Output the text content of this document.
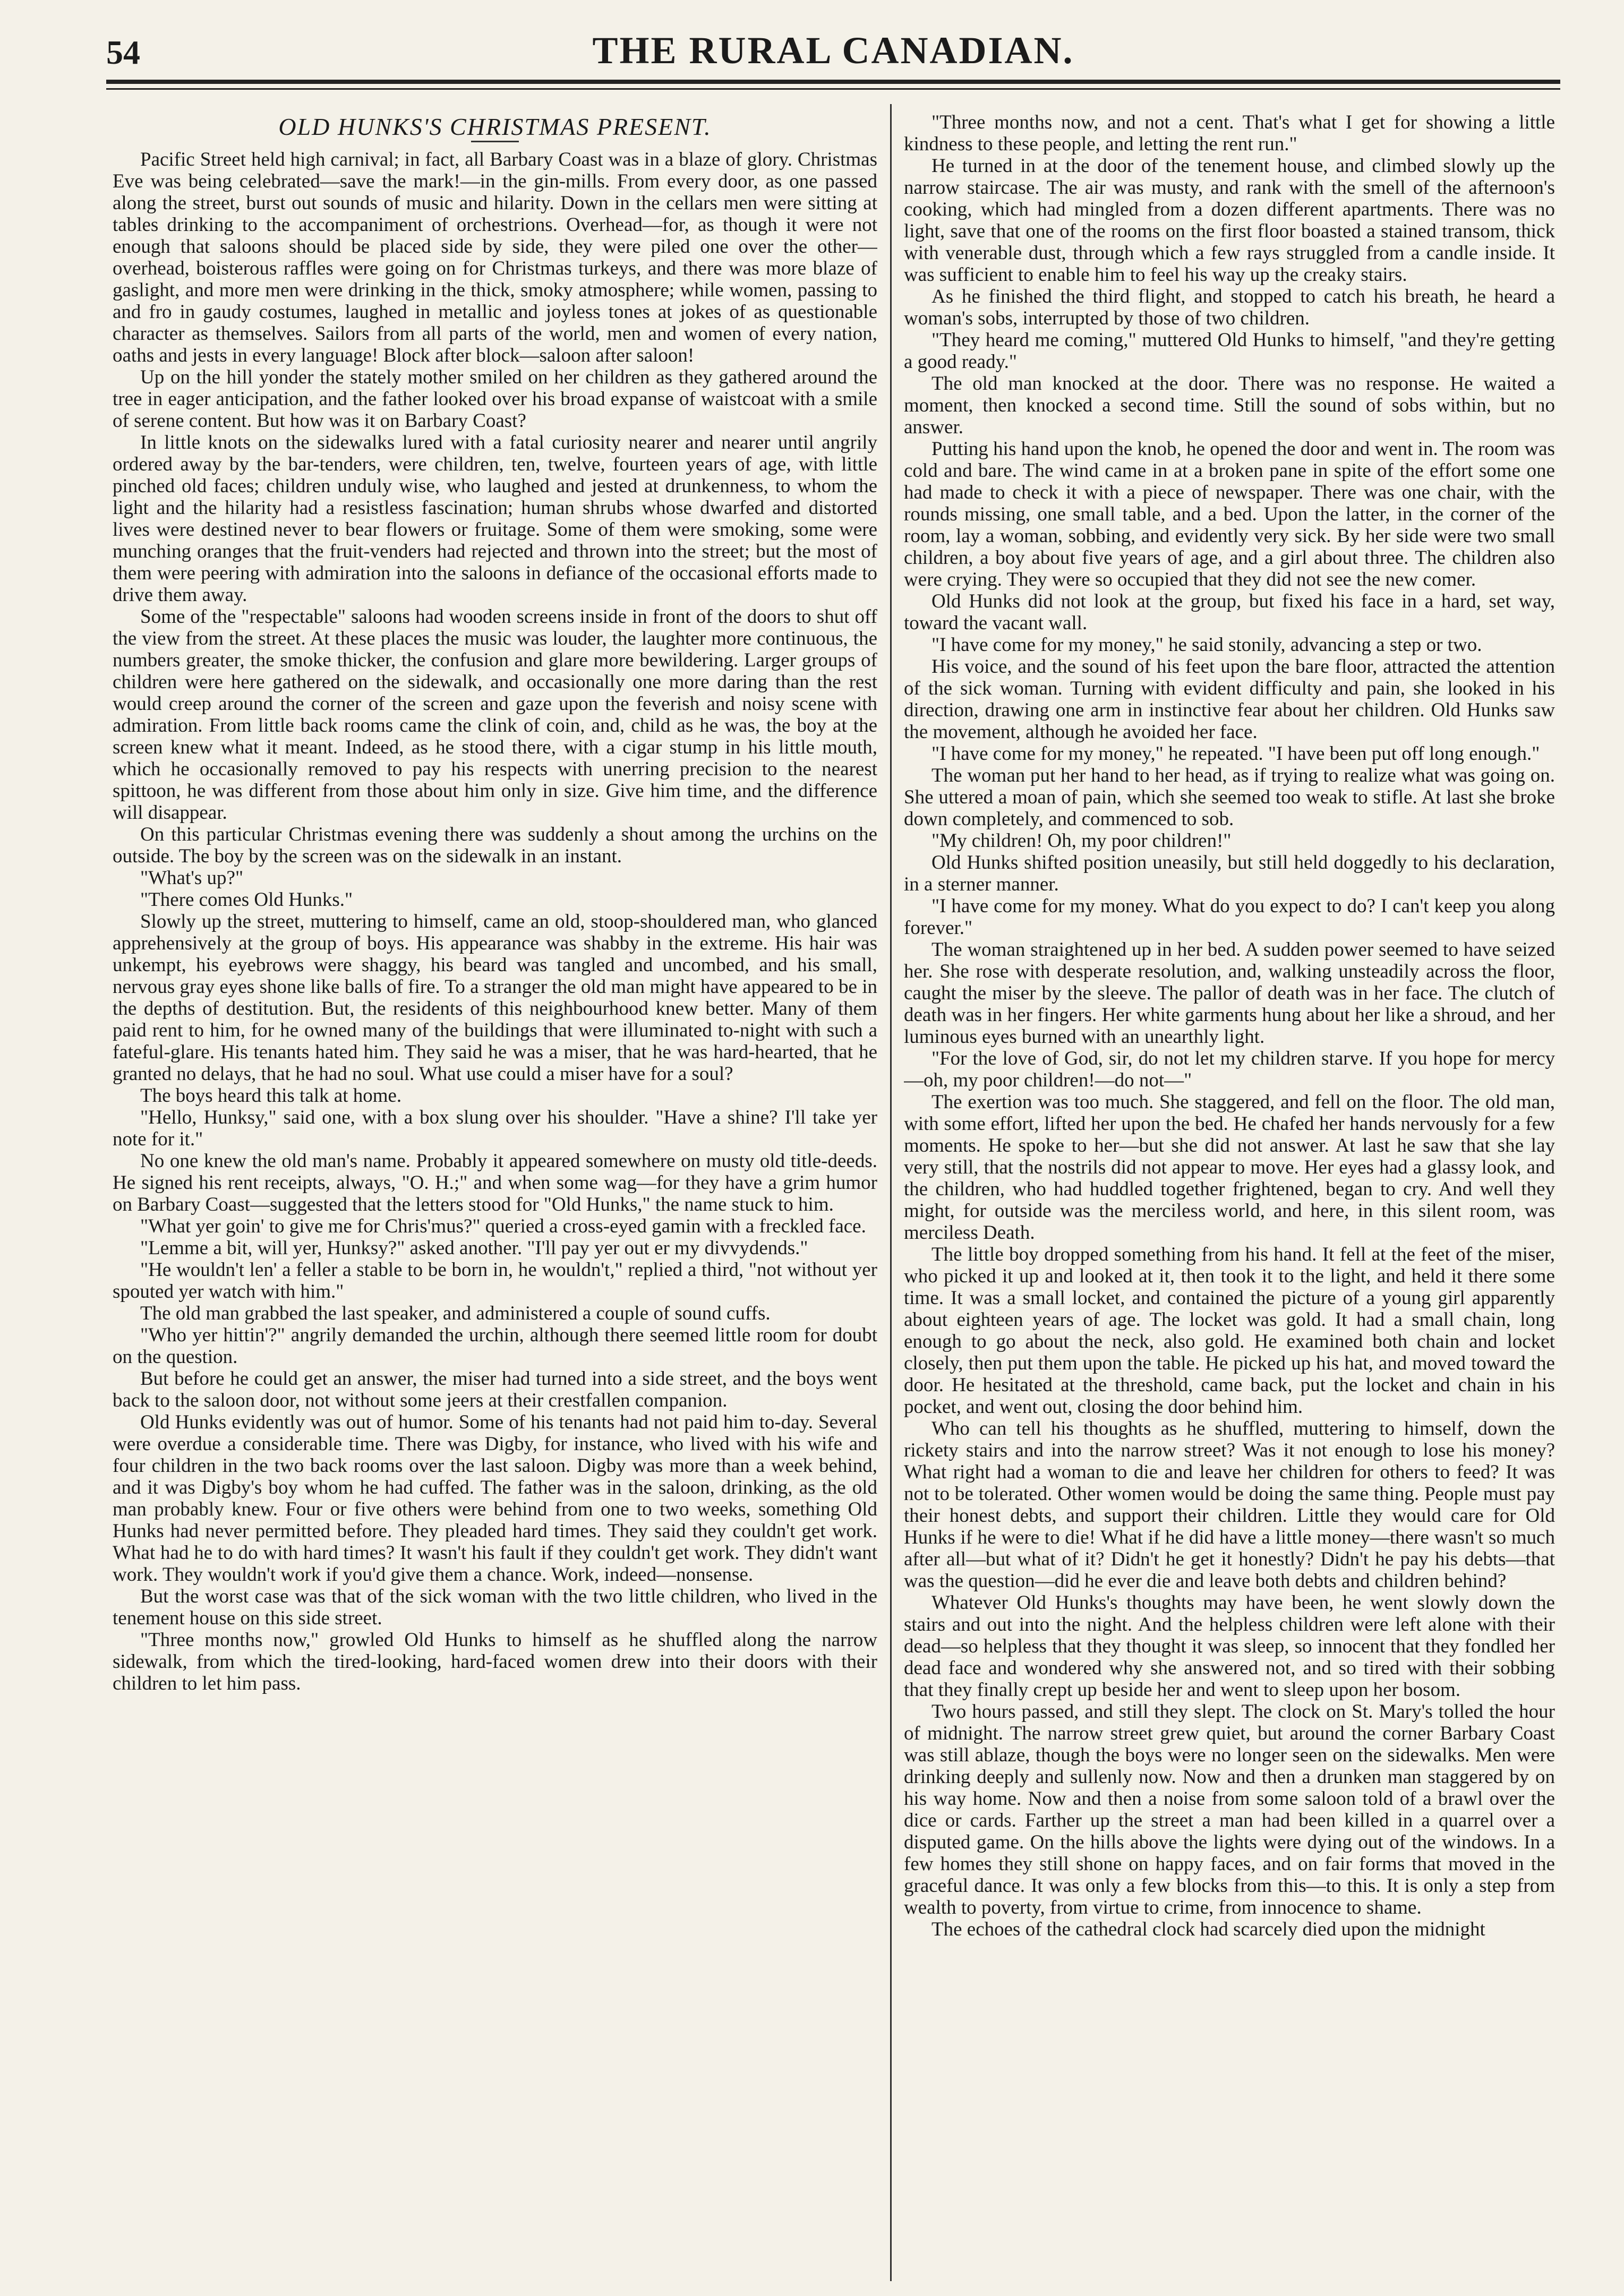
54	THE RURAL CANADIAN.
OLD HUNKS'S CHRISTMAS PRESENT.

Pacific Street held high carnival; in fact, all Barbary Coast was in a blaze of glory. Christmas Eve was being celebrated—save the mark!—in the gin-mills. From every door, as one passed along the street, burst out sounds of music and hilarity. Down in the cellars men were sitting at tables drinking to the accompaniment of orchestrions. Overhead—for, as though it were not enough that saloons should be placed side by side, they were piled one over the other—overhead, boisterous raffles were going on for Christmas turkeys, and there was more blaze of gaslight, and more men were drinking in the thick, smoky atmosphere; while women, passing to and fro in gaudy costumes, laughed in metallic and joyless tones at jokes of as questionable character as themselves. Sailors from all parts of the world, men and women of every nation, oaths and jests in every language! Block after block—saloon after saloon!

Up on the hill yonder the stately mother smiled on her children as they gathered around the tree in eager anticipation, and the father looked over his broad expanse of waistcoat with a smile of serene content. But how was it on Barbary Coast?

In little knots on the sidewalks lured with a fatal curiosity nearer and nearer until angrily ordered away by the bar-tenders, were children, ten, twelve, fourteen years of age, with little pinched old faces; children unduly wise, who laughed and jested at drunkenness, to whom the light and the hilarity had a resistless fascination; human shrubs whose dwarfed and distorted lives were destined never to bear flowers or fruitage. Some of them were smoking, some were munching oranges that the fruit-venders had rejected and thrown into the street; but the most of them were peering with admiration into the saloons in defiance of the occasional efforts made to drive them away.

Some of the "respectable" saloons had wooden screens inside in front of the doors to shut off the view from the street. At these places the music was louder, the laughter more continuous, the numbers greater, the smoke thicker, the confusion and glare more bewildering. Larger groups of children were here gathered on the sidewalk, and occasionally one more daring than the rest would creep around the corner of the screen and gaze upon the feverish and noisy scene with admiration. From little back rooms came the clink of coin, and, child as he was, the boy at the screen knew what it meant. Indeed, as he stood there, with a cigar stump in his little mouth, which he occasionally removed to pay his respects with unerring precision to the nearest spittoon, he was different from those about him only in size. Give him time, and the difference will disappear.

On this particular Christmas evening there was suddenly a shout among the urchins on the outside. The boy by the screen was on the sidewalk in an instant.

"What's up?"

"There comes Old Hunks."

Slowly up the street, muttering to himself, came an old, stoop-shouldered man, who glanced apprehensively at the group of boys. His appearance was shabby in the extreme. His hair was unkempt, his eyebrows were shaggy, his beard was tangled and uncombed, and his small, nervous gray eyes shone like balls of fire. To a stranger the old man might have appeared to be in the depths of destitution. But, the residents of this neighbourhood knew better. Many of them paid rent to him, for he owned many of the buildings that were illuminated to-night with such a fateful-glare. His tenants hated him. They said he was a miser, that he was hard-hearted, that he granted no delays, that he had no soul. What use could a miser have for a soul?

The boys heard this talk at home.

"Hello, Hunksy," said one, with a box slung over his shoulder. "Have a shine? I'll take yer note for it."

No one knew the old man's name. Probably it appeared somewhere on musty old title-deeds. He signed his rent receipts, always, "O. H.;" and when some wag—for they have a grim humor on Barbary Coast—suggested that the letters stood for "Old Hunks," the name stuck to him.

"What yer goin' to give me for Chris'mus?" queried a cross-eyed gamin with a freckled face.

"Lemme a bit, will yer, Hunksy?" asked another. "I'll pay yer out er my divvydends."

"He wouldn't len' a feller a stable to be born in, he wouldn't," replied a third, "not without yer spouted yer watch with him."

The old man grabbed the last speaker, and administered a couple of sound cuffs.

"Who yer hittin'?" angrily demanded the urchin, although there seemed little room for doubt on the question.

But before he could get an answer, the miser had turned into a side street, and the boys went back to the saloon door, not without some jeers at their crestfallen companion.

Old Hunks evidently was out of humor. Some of his tenants had not paid him to-day. Several were overdue a considerable time. There was Digby, for instance, who lived with his wife and four children in the two back rooms over the last saloon. Digby was more than a week behind, and it was Digby's boy whom he had cuffed. The father was in the saloon, drinking, as the old man probably knew. Four or five others were behind from one to two weeks, something Old Hunks had never permitted before. They pleaded hard times. They said they couldn't get work. What had he to do with hard times? It wasn't his fault if they couldn't get work. They didn't want work. They wouldn't work if you'd give them a chance. Work, indeed—nonsense.

But the worst case was that of the sick woman with the two little children, who lived in the tenement house on this side street.

"Three months now," growled Old Hunks to himself as he shuffled along the narrow sidewalk, from which the tired-looking, hard-faced women drew into their doors with their children to let him pass.

"Three months now, and not a cent. That's what I get for showing a little kindness to these people, and letting the rent run."

He turned in at the door of the tenement house, and climbed slowly up the narrow staircase. The air was musty, and rank with the smell of the afternoon's cooking, which had mingled from a dozen different apartments. There was no light, save that one of the rooms on the first floor boasted a stained transom, thick with venerable dust, through which a few rays struggled from a candle inside. It was sufficient to enable him to feel his way up the creaky stairs.

As he finished the third flight, and stopped to catch his breath, he heard a woman's sobs, interrupted by those of two children.

"They heard me coming," muttered Old Hunks to himself, "and they're getting a good ready."

The old man knocked at the door. There was no response. He waited a moment, then knocked a second time. Still the sound of sobs within, but no answer.

Putting his hand upon the knob, he opened the door and went in. The room was cold and bare. The wind came in at a broken pane in spite of the effort some one had made to check it with a piece of newspaper. There was one chair, with the rounds missing, one small table, and a bed. Upon the latter, in the corner of the room, lay a woman, sobbing, and evidently very sick. By her side were two small children, a boy about five years of age, and a girl about three. The children also were crying. They were so occupied that they did not see the new comer.

Old Hunks did not look at the group, but fixed his face in a hard, set way, toward the vacant wall.

"I have come for my money," he said stonily, advancing a step or two.

His voice, and the sound of his feet upon the bare floor, attracted the attention of the sick woman. Turning with evident difficulty and pain, she looked in his direction, drawing one arm in instinctive fear about her children. Old Hunks saw the movement, although he avoided her face.

"I have come for my money," he repeated. "I have been put off long enough."

The woman put her hand to her head, as if trying to realize what was going on. She uttered a moan of pain, which she seemed too weak to stifle. At last she broke down completely, and commenced to sob.

"My children! Oh, my poor children!"

Old Hunks shifted position uneasily, but still held doggedly to his declaration, in a sterner manner.

"I have come for my money. What do you expect to do? I can't keep you along forever."

The woman straightened up in her bed. A sudden power seemed to have seized her. She rose with desperate resolution, and, walking unsteadily across the floor, caught the miser by the sleeve. The pallor of death was in her face. The clutch of death was in her fingers. Her white garments hung about her like a shroud, and her luminous eyes burned with an unearthly light.

"For the love of God, sir, do not let my children starve. If you hope for mercy—oh, my poor children!—do not—"

The exertion was too much. She staggered, and fell on the floor. The old man, with some effort, lifted her upon the bed. He chafed her hands nervously for a few moments. He spoke to her—but she did not answer. At last he saw that she lay very still, that the nostrils did not appear to move. Her eyes had a glassy look, and the children, who had huddled together frightened, began to cry. And well they might, for outside was the merciless world, and here, in this silent room, was merciless Death.

The little boy dropped something from his hand. It fell at the feet of the miser, who picked it up and looked at it, then took it to the light, and held it there some time. It was a small locket, and contained the picture of a young girl apparently about eighteen years of age. The locket was gold. It had a small chain, long enough to go about the neck, also gold. He examined both chain and locket closely, then put them upon the table. He picked up his hat, and moved toward the door. He hesitated at the threshold, came back, put the locket and chain in his pocket, and went out, closing the door behind him.

Who can tell his thoughts as he shuffled, muttering to himself, down the rickety stairs and into the narrow street? Was it not enough to lose his money? What right had a woman to die and leave her children for others to feed? It was not to be tolerated. Other women would be doing the same thing. People must pay their honest debts, and support their children. Little they would care for Old Hunks if he were to die! What if he did have a little money—there wasn't so much after all—but what of it? Didn't he get it honestly? Didn't he pay his debts—that was the question—did he ever die and leave both debts and children behind?

Whatever Old Hunks's thoughts may have been, he went slowly down the stairs and out into the night. And the helpless children were left alone with their dead—so helpless that they thought it was sleep, so innocent that they fondled her dead face and wondered why she answered not, and so tired with their sobbing that they finally crept up beside her and went to sleep upon her bosom.

Two hours passed, and still they slept. The clock on St. Mary's tolled the hour of midnight. The narrow street grew quiet, but around the corner Barbary Coast was still ablaze, though the boys were no longer seen on the sidewalks. Men were drinking deeply and sullenly now. Now and then a drunken man staggered by on his way home. Now and then a noise from some saloon told of a brawl over the dice or cards. Farther up the street a man had been killed in a quarrel over a disputed game. On the hills above the lights were dying out of the windows. In a few homes they still shone on happy faces, and on fair forms that moved in the graceful dance. It was only a few blocks from this—to this. It is only a step from wealth to poverty, from virtue to crime, from innocence to shame.

The echoes of the cathedral clock had scarcely died upon the midnight
